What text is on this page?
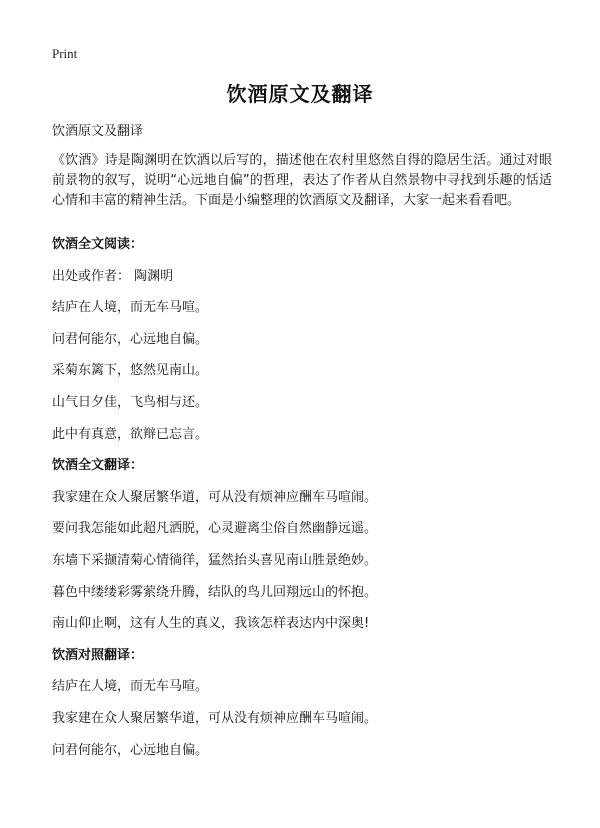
Print
饮酒原文及翻译
饮酒原文及翻译
《饮酒》诗是陶渊明在饮酒以后写的，描述他在农村里悠然自得的隐居生活。通过对眼前景物的叙写，说明“心远地自偏”的哲理，表达了作者从自然景物中寻找到乐趣的恬适心情和丰富的精神生活。下面是小编整理的饮酒原文及翻译，大家一起来看看吧。
饮酒全文阅读：
出处或作者： 陶渊明
结庐在人境，而无车马喧。
问君何能尔，心远地自偏。
采菊东篱下，悠然见南山。
山气日夕佳，飞鸟相与还。
此中有真意，欲辩已忘言。
饮酒全文翻译：
我家建在众人聚居繁华道，可从没有烦神应酬车马喧闹。
要问我怎能如此超凡洒脱，心灵避离尘俗自然幽静远遥。
东墙下采撷清菊心情徜徉，猛然抬头喜见南山胜景绝妙。
暮色中缕缕彩雾萦绕升腾，结队的鸟儿回翔远山的怀抱。
南山仰止啊，这有人生的真义，我该怎样表达内中深奥!
饮酒对照翻译：
结庐在人境，而无车马喧。
我家建在众人聚居繁华道，可从没有烦神应酬车马喧闹。
问君何能尔，心远地自偏。
